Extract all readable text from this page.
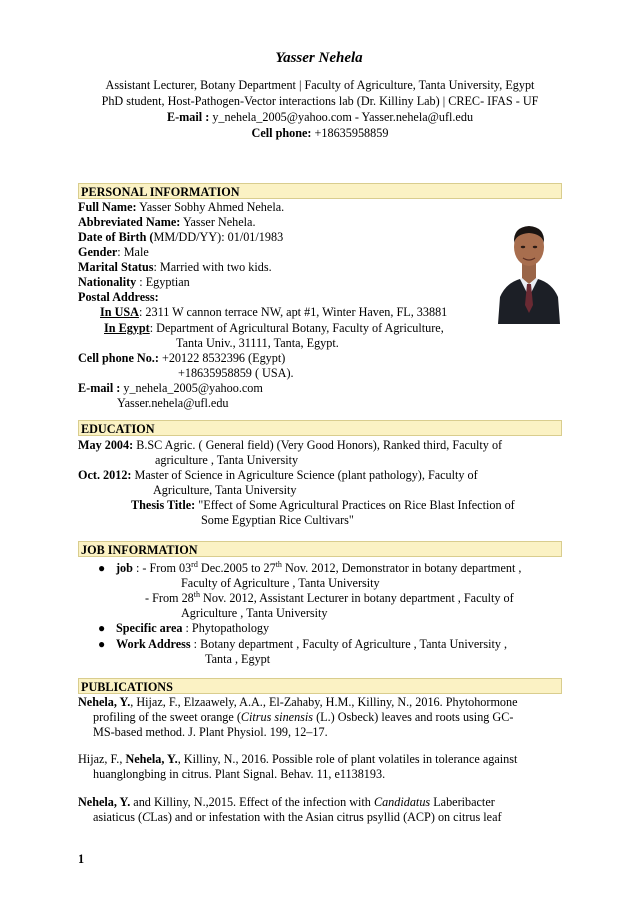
Yasser Nehela
Assistant Lecturer, Botany Department | Faculty of Agriculture, Tanta University, Egypt
PhD student, Host-Pathogen-Vector interactions lab (Dr. Killiny Lab) | CREC- IFAS - UF
E-mail : y_nehela_2005@yahoo.com - Yasser.nehela@ufl.edu
Cell phone: +18635958859
PERSONAL INFORMATION
Full Name: Yasser Sobhy Ahmed Nehela.
Abbreviated Name: Yasser Nehela.
Date of Birth (MM/DD/YY): 01/01/1983
Gender: Male
Marital Status: Married with two kids.
Nationality : Egyptian
Postal Address:
In USA: 2311 W cannon terrace NW, apt #1, Winter Haven, FL, 33881
In Egypt: Department of Agricultural Botany, Faculty of Agriculture,
Tanta Univ., 31111, Tanta, Egypt.
Cell phone No.: +20122 8532396 (Egypt)
+18635958859 ( USA).
E-mail : y_nehela_2005@yahoo.com
Yasser.nehela@ufl.edu
EDUCATION
May 2004: B.SC Agric. ( General field) (Very Good Honors), Ranked third, Faculty of
agriculture , Tanta University
Oct. 2012: Master of Science in Agriculture Science (plant pathology), Faculty of
Agriculture, Tanta University
Thesis Title: "Effect of Some Agricultural Practices on Rice Blast Infection of
Some Egyptian Rice Cultivars"
JOB INFORMATION
● job : - From 03rd Dec.2005 to 27th Nov. 2012, Demonstrator in botany department ,
Faculty of Agriculture , Tanta University
- From 28th Nov. 2012, Assistant Lecturer in botany department , Faculty of
Agriculture , Tanta University
● Specific area : Phytopathology
● Work Address : Botany department , Faculty of Agriculture , Tanta University ,
Tanta , Egypt
PUBLICATIONS
Nehela, Y., Hijaz, F., Elzaawely, A.A., El-Zahaby, H.M., Killiny, N., 2016. Phytohormone
profiling of the sweet orange (Citrus sinensis (L.) Osbeck) leaves and roots using GC-
MS-based method. J. Plant Physiol. 199, 12–17.
Hijaz, F., Nehela, Y., Killiny, N., 2016. Possible role of plant volatiles in tolerance against
huanglongbing in citrus. Plant Signal. Behav. 11, e1138193.
Nehela, Y. and Killiny, N.,2015. Effect of the infection with Candidatus Laberibacter
asiaticus (CLas) and or infestation with the Asian citrus psyllid (ACP) on citrus leaf
1
